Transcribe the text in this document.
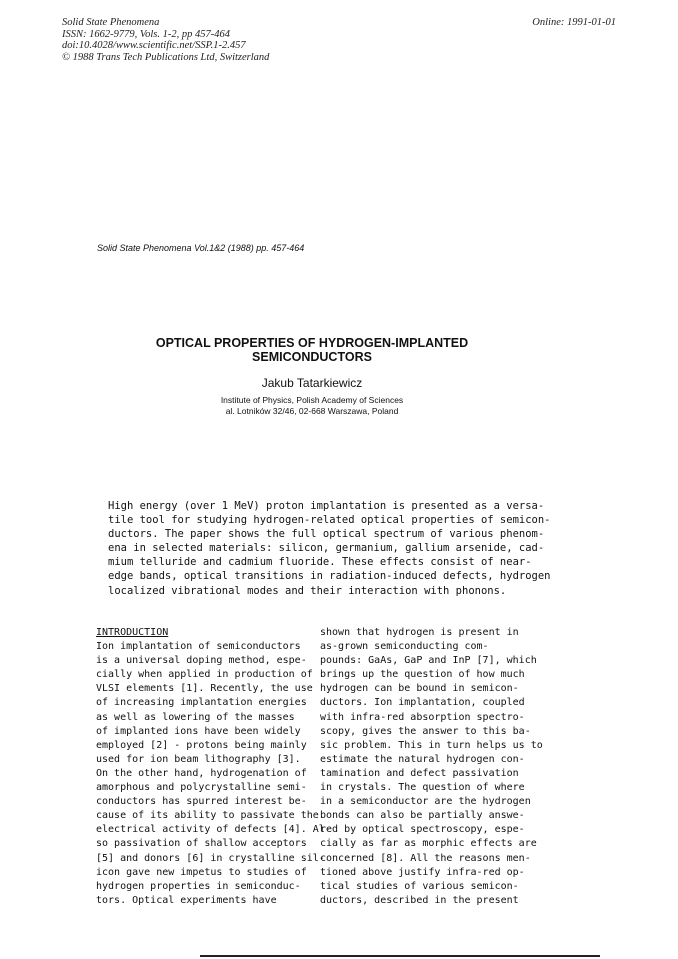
Solid State Phenomena
ISSN: 1662-9779, Vols. 1-2, pp 457-464
doi:10.4028/www.scientific.net/SSP.1-2.457
© 1988 Trans Tech Publications Ltd, Switzerland
Online: 1991-01-01
Solid State Phenomena Vol.1&2 (1988) pp. 457-464
OPTICAL PROPERTIES OF HYDROGEN-IMPLANTED
SEMICONDUCTORS
Jakub Tatarkiewicz
Institute of Physics, Polish Academy of Sciences
al. Lotników 32/46, 02-668 Warszawa, Poland
High energy (over 1 MeV) proton implantation is presented as a versa-
tile tool for studying hydrogen-related optical properties of semicon-
ductors. The paper shows the full optical spectrum of various phenom-
ena in selected materials: silicon, germanium, gallium arsenide, cad-
mium telluride and cadmium fluoride. These effects consist of near-
edge bands, optical transitions in radiation-induced defects, hydrogen
localized vibrational modes and their interaction with phonons.
INTRODUCTION
Ion implantation of semiconductors
is a universal doping method, espe-
cially when applied in production of
VLSI elements [1]. Recently, the use
of increasing implantation energies
as well as lowering of the masses
of implanted ions have been widely
employed [2] - protons being mainly
used for ion beam lithography [3].
On the other hand, hydrogenation of
amorphous and polycrystalline semi-
conductors has spurred interest be-
cause of its ability to passivate the
electrical activity of defects [4]. Al-
so passivation of shallow acceptors
[5] and donors [6] in crystalline sil-
icon gave new impetus to studies of
hydrogen properties in semiconduc-
tors. Optical experiments have
shown that hydrogen is present in
as-grown semiconducting com-
pounds: GaAs, GaP and InP [7], which
brings up the question of how much
hydrogen can be bound in semicon-
ductors. Ion implantation, coupled
with infra-red absorption spectro-
scopy, gives the answer to this ba-
sic problem. This in turn helps us to
estimate the natural hydrogen con-
tamination and defect passivation
in crystals. The question of where
in a semiconductor are the hydrogen
bonds can also be partially answe-
red by optical spectroscopy, espe-
cially as far as morphic effects are
concerned [8]. All the reasons men-
tioned above justify infra-red op-
tical studies of various semicon-
ductors, described in the present
